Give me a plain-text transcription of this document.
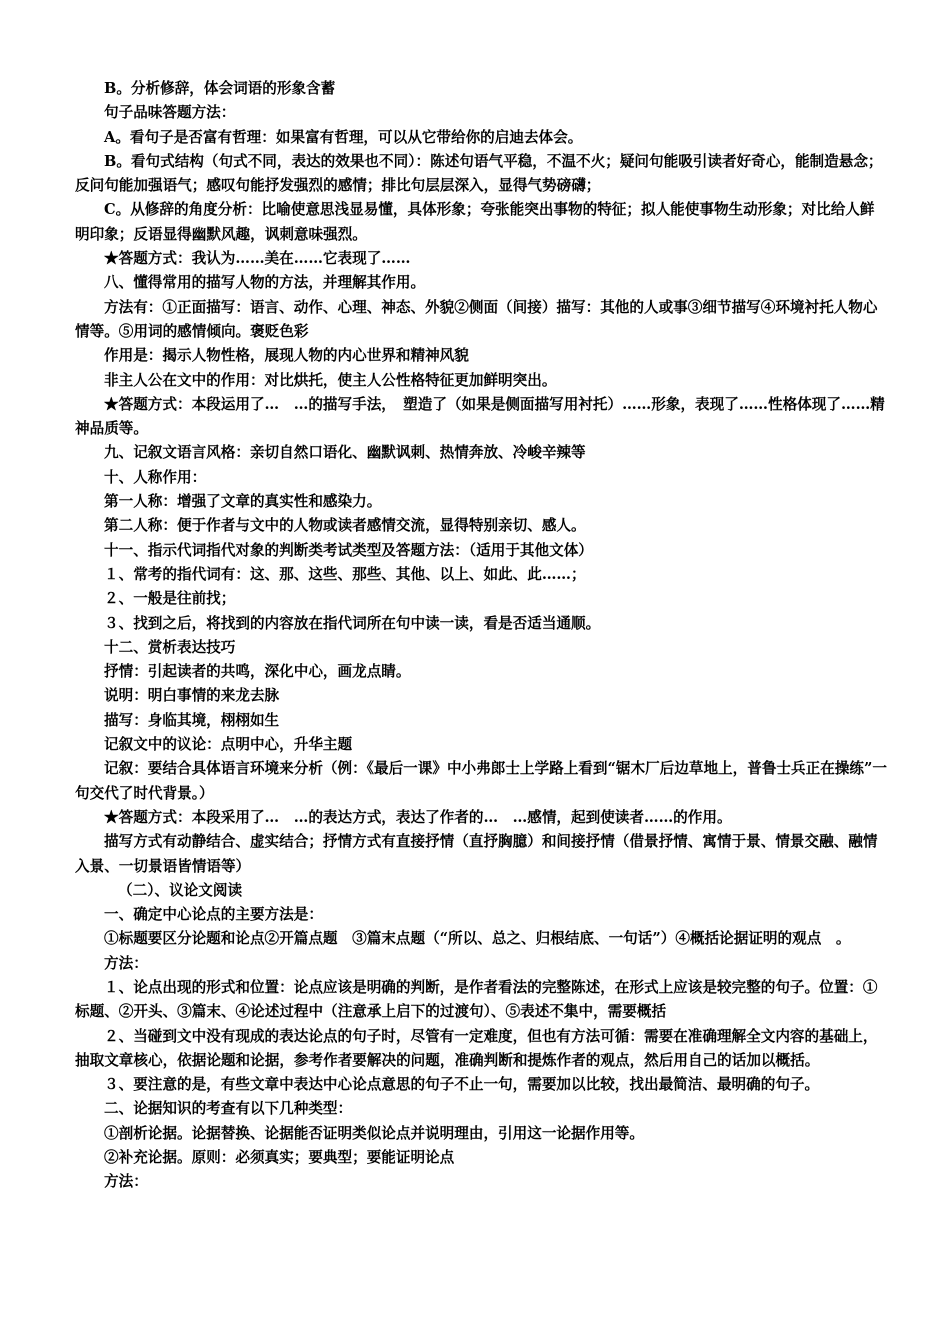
B。分析修辞，体会词语的形象含蓄

句子品味答题方法：

A。看句子是否富有哲理：如果富有哲理，可以从它带给你的启迪去体会。

B。看句式结构（句式不同，表达的效果也不同）：陈述句语气平稳，不温不火；疑问句能吸引读者好奇心，能制造悬念；反问句能加强语气；感叹句能抒发强烈的感情；排比句层层深入，显得气势磅礴；

C。从修辞的角度分析：比喻使意思浅显易懂，具体形象；夸张能突出事物的特征；拟人能使事物生动形象；对比给人鲜明印象；反语显得幽默风趣，讽刺意味强烈。

★答题方式：我认为……美在……它表现了……

八、懂得常用的描写人物的方法，并理解其作用。

方法有：①正面描写：语言、动作、心理、神态、外貌②侧面（间接）描写：其他的人或事③细节描写④环境衬托人物心情等。⑤用词的感情倾向。褒贬色彩

作用是：揭示人物性格，展现人物的内心世界和精神风貌

非主人公在文中的作用：对比烘托，使主人公性格特征更加鲜明突出。

★答题方式：本段运用了…　…的描写手法，　塑造了（如果是侧面描写用衬托）……形象，表现了……性格体现了……精神品质等。

九、记叙文语言风格：亲切自然口语化、幽默讽刺、热情奔放、冷峻辛辣等

十、人称作用：

第一人称：增强了文章的真实性和感染力。

第二人称：便于作者与文中的人物或读者感情交流，显得特别亲切、感人。

十一、指示代词指代对象的判断类考试类型及答题方法：（适用于其他文体）

１、常考的指代词有：这、那、这些、那些、其他、以上、如此、此……；

２、一般是往前找；

３、找到之后，将找到的内容放在指代词所在句中读一读，看是否适当通顺。

十二、赏析表达技巧

抒情：引起读者的共鸣，深化中心，画龙点睛。

说明：明白事情的来龙去脉

描写：身临其境，栩栩如生

记叙文中的议论：点明中心，升华主题

记叙：要结合具体语言环境来分析（例：《最后一课》中小弗郎士上学路上看到“锯木厂后边草地上，普鲁士兵正在操练”一句交代了时代背景。）

★答题方式：本段采用了…　…的表达方式，表达了作者的…　…感情，起到使读者……的作用。

描写方式有动静结合、虚实结合；抒情方式有直接抒情（直抒胸臆）和间接抒情（借景抒情、寓情于景、情景交融、融情入景、一切景语皆情语等）

（二）、议论文阅读

一、确定中心论点的主要方法是：

①标题要区分论题和论点②开篇点题　③篇末点题（“所以、总之、归根结底、一句话”）④概括论据证明的观点　。

方法：

１、论点出现的形式和位置：论点应该是明确的判断，是作者看法的完整陈述，在形式上应该是较完整的句子。位置：①标题、②开头、③篇末、④论述过程中（注意承上启下的过渡句）、⑤表述不集中，需要概括

２、当碰到文中没有现成的表达论点的句子时，尽管有一定难度，但也有方法可循：需要在准确理解全文内容的基础上，抽取文章核心，依据论题和论据，参考作者要解决的问题，准确判断和提炼作者的观点，然后用自己的话加以概括。

３、要注意的是，有些文章中表达中心论点意思的句子不止一句，需要加以比较，找出最简洁、最明确的句子。

二、论据知识的考查有以下几种类型：

①剖析论据。论据替换、论据能否证明类似论点并说明理由，引用这一论据作用等。

②补充论据。原则：必须真实；要典型；要能证明论点

方法：
